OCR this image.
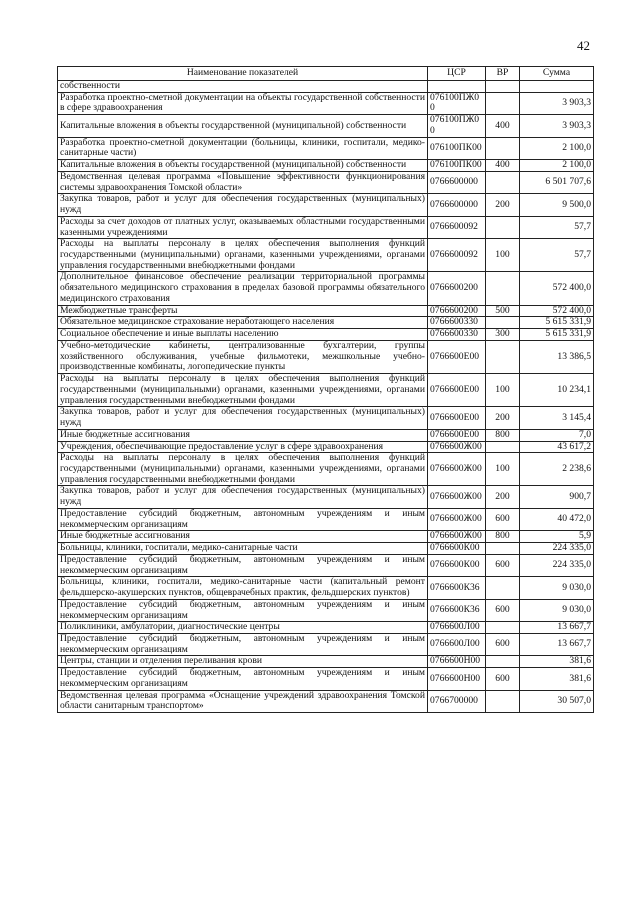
42
Наименование показателей	ЦСР	ВР	Сумма
собственности			
Разработка проектно-сметной документации на объекты государственной собственности в сфере здравоохранения	076100ПЖ00		3 903,3
Капитальные вложения в объекты государственной (муниципальной) собственности	076100ПЖ00	400	3 903,3
Разработка проектно-сметной документации (больницы, клиники, госпитали, медико-санитарные части)	076100ПК00		2 100,0
Капитальные вложения в объекты государственной (муниципальной) собственности	076100ПК00	400	2 100,0
Ведомственная целевая программа «Повышение эффективности функционирования системы здравоохранения Томской области»	0766600000		6 501 707,6
Закупка товаров, работ и услуг для обеспечения государственных (муниципальных) нужд	0766600000	200	9 500,0
Расходы за счет доходов от платных услуг, оказываемых областными государственными казенными учреждениями	0766600092		57,7
Расходы на выплаты персоналу в целях обеспечения выполнения функций государственными (муниципальными) органами, казенными учреждениями, органами управления государственными внебюджетными фондами	0766600092	100	57,7
Дополнительное финансовое обеспечение реализации территориальной программы обязательного медицинского страхования в пределах базовой программы обязательного медицинского страхования	0766600200		572 400,0
Межбюджетные трансферты	0766600200	500	572 400,0
Обязательное медицинское страхование неработающего населения	0766600330		5 615 331,9
Социальное обеспечение и иные выплаты населению	0766600330	300	5 615 331,9
Учебно-методические кабинеты, централизованные бухгалтерии, группы хозяйственного обслуживания, учебные фильмотеки, межшкольные учебно-производственные комбинаты, логопедические пункты	0766600Е00		13 386,5
Расходы на выплаты персоналу в целях обеспечения выполнения функций государственными (муниципальными) органами, казенными учреждениями, органами управления государственными внебюджетными фондами	0766600Е00	100	10 234,1
Закупка товаров, работ и услуг для обеспечения государственных (муниципальных) нужд	0766600Е00	200	3 145,4
Иные бюджетные ассигнования	0766600Е00	800	7,0
Учреждения, обеспечивающие предоставление услуг в сфере здравоохранения	0766600Ж00		43 617,2
Расходы на выплаты персоналу в целях обеспечения выполнения функций государственными (муниципальными) органами, казенными учреждениями, органами управления государственными внебюджетными фондами	0766600Ж00	100	2 238,6
Закупка товаров, работ и услуг для обеспечения государственных (муниципальных) нужд	0766600Ж00	200	900,7
Предоставление субсидий бюджетным, автономным учреждениям и иным некоммерческим организациям	0766600Ж00	600	40 472,0
Иные бюджетные ассигнования	0766600Ж00	800	5,9
Больницы, клиники, госпитали, медико-санитарные части	0766600К00		224 335,0
Предоставление субсидий бюджетным, автономным учреждениям и иным некоммерческим организациям	0766600К00	600	224 335,0
Больницы, клиники, госпитали, медико-санитарные части (капитальный ремонт фельдшерско-акушерских пунктов, общеврачебных практик, фельдшерских пунктов)	0766600К36		9 030,0
Предоставление субсидий бюджетным, автономным учреждениям и иным некоммерческим организациям	0766600К36	600	9 030,0
Поликлиники, амбулатории, диагностические центры	0766600Л00		13 667,7
Предоставление субсидий бюджетным, автономным учреждениям и иным некоммерческим организациям	0766600Л00	600	13 667,7
Центры, станции и отделения переливания крови	0766600Н00		381,6
Предоставление субсидий бюджетным, автономным учреждениям и иным некоммерческим организациям	0766600Н00	600	381,6
Ведомственная целевая программа «Оснащение учреждений здравоохранения Томской области санитарным транспортом»	0766700000		30 507,0
